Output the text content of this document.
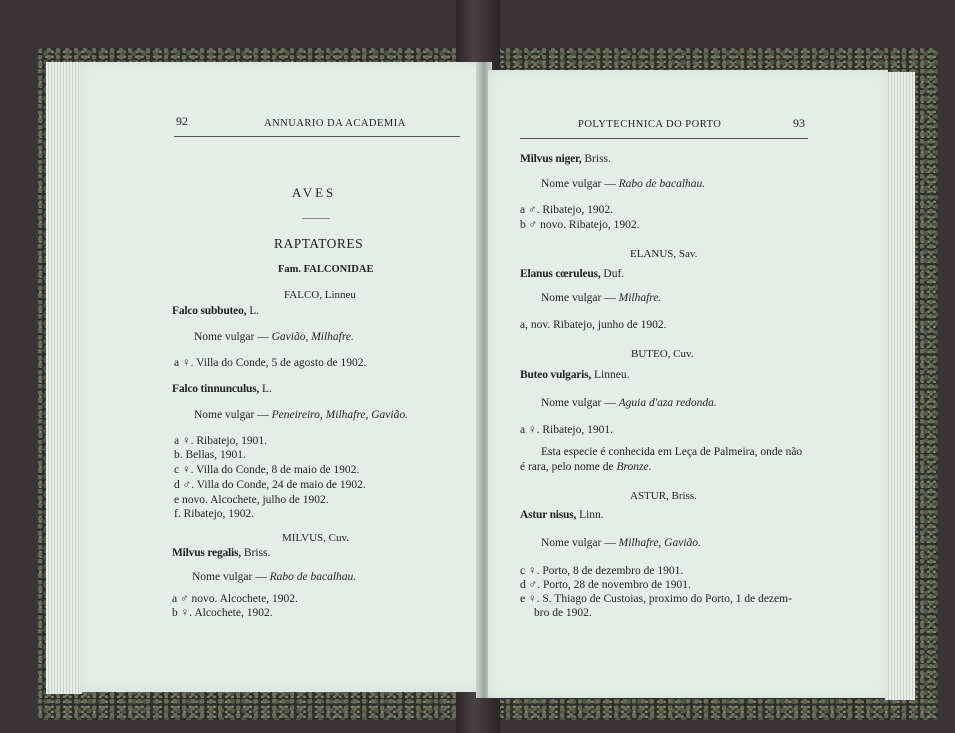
92	ANNUARIO DA ACADEMIA
AVES
RAPTATORES
Fam. FALCONIDAE
FALCO, Linneu
Falco subbuteo, L.
Nome vulgar — Gavião, Milhafre.
a ♀. Villa do Conde, 5 de agosto de 1902.
Falco tinnunculus, L.
Nome vulgar — Peneireiro, Milhafre, Gavião.
a ♀. Ribatejo, 1901.
b. Bellas, 1901.
c ♀. Villa do Conde, 8 de maio de 1902.
d ♂. Villa do Conde, 24 de maio de 1902.
e novo. Alcochete, julho de 1902.
f. Ribatejo, 1902.
MILVUS, Cuv.
Milvus regalis, Briss.
Nome vulgar — Rabo de bacalhau.
a ♂ novo. Alcochete, 1902.
b ♀. Alcochete, 1902.
POLYTECHNICA DO PORTO	93
Milvus niger, Briss.
Nome vulgar — Rabo de bacalhau.
a ♂. Ribatejo, 1902.
b ♂ novo. Ribatejo, 1902.
ELANUS, Sav.
Elanus cœruleus, Duf.
Nome vulgar — Milhafre.
a, nov. Ribatejo, junho de 1902.
BUTEO, Cuv.
Buteo vulgaris, Linneu.
Nome vulgar — Aguia d'aza redonda.
a ♀. Ribatejo, 1901.
Esta especie é conhecida em Leça de Palmeira, onde não
é rara, pelo nome de Bronze.
ASTUR, Briss.
Astur nisus, Linn.
Nome vulgar — Milhafre, Gavião.
c ♀. Porto, 8 de dezembro de 1901.
d ♂. Porto, 28 de novembro de 1901.
e ♀. S. Thiago de Custoias, proximo do Porto, 1 de dezem-
bro de 1902.
